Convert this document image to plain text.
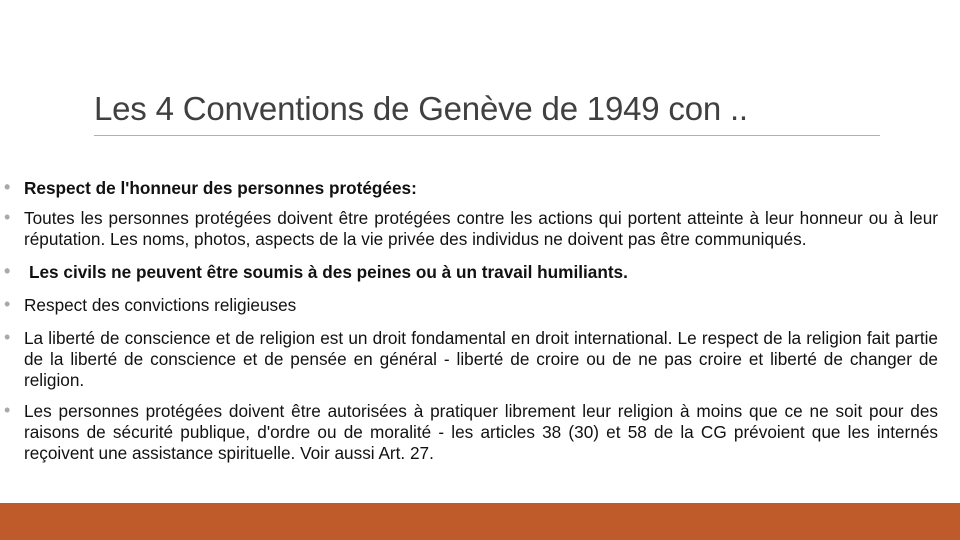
Les 4 Conventions de Genève de 1949 con ..
• Respect de l'honneur des personnes protégées:
• Toutes les personnes protégées doivent être protégées contre les actions qui portent atteinte à leur honneur ou à leur réputation. Les noms, photos, aspects de la vie privée des individus ne doivent pas être communiqués.
• Les civils ne peuvent être soumis à des peines ou à un travail humiliants.
• Respect des convictions religieuses
• La liberté de conscience et de religion est un droit fondamental en droit international. Le respect de la religion fait partie de la liberté de conscience et de pensée en général - liberté de croire ou de ne pas croire et liberté de changer de religion.
• Les personnes protégées doivent être autorisées à pratiquer librement leur religion à moins que ce ne soit pour des raisons de sécurité publique, d'ordre ou de moralité - les articles 38 (30) et 58 de la CG prévoient que les internés reçoivent une assistance spirituelle. Voir aussi Art. 27.
